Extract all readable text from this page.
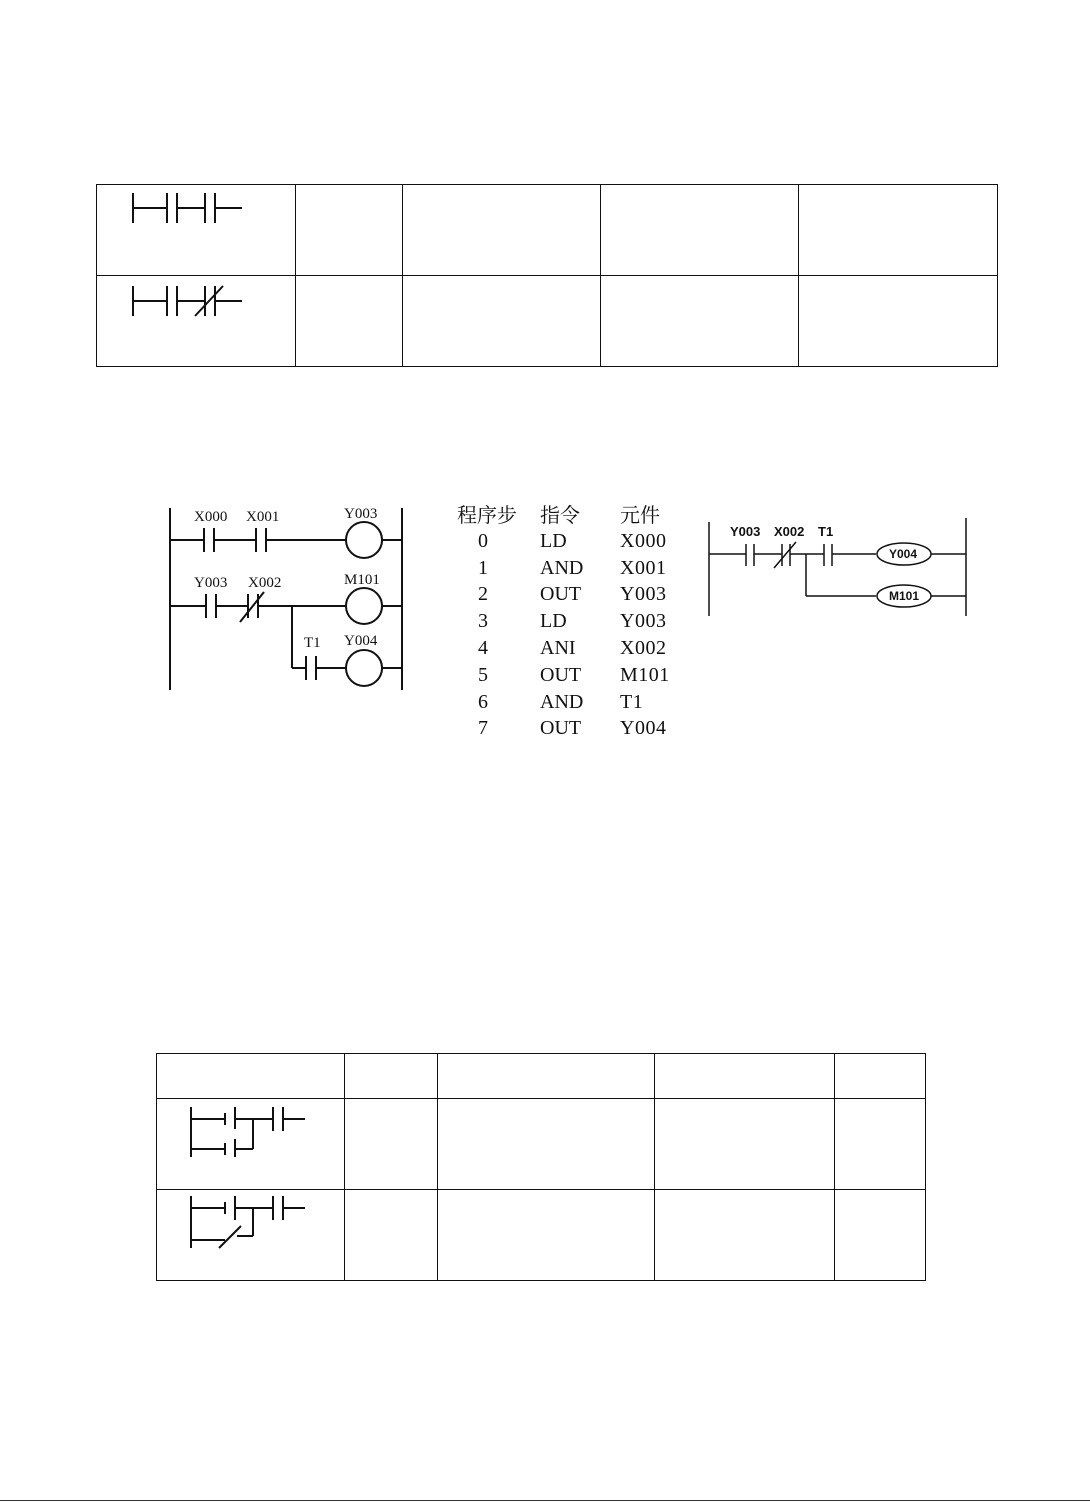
X000 X001	Y003
Y003 X002	M101
T1 Y004
程序步	指令	元件
0	LD	X000
1	AND	X001
2	OUT	Y003
3	LD	Y003
4	ANI	X002
5	OUT	M101
6	AND	T1
7	OUT	Y004
Y003 X002 T1
Y004
M101
